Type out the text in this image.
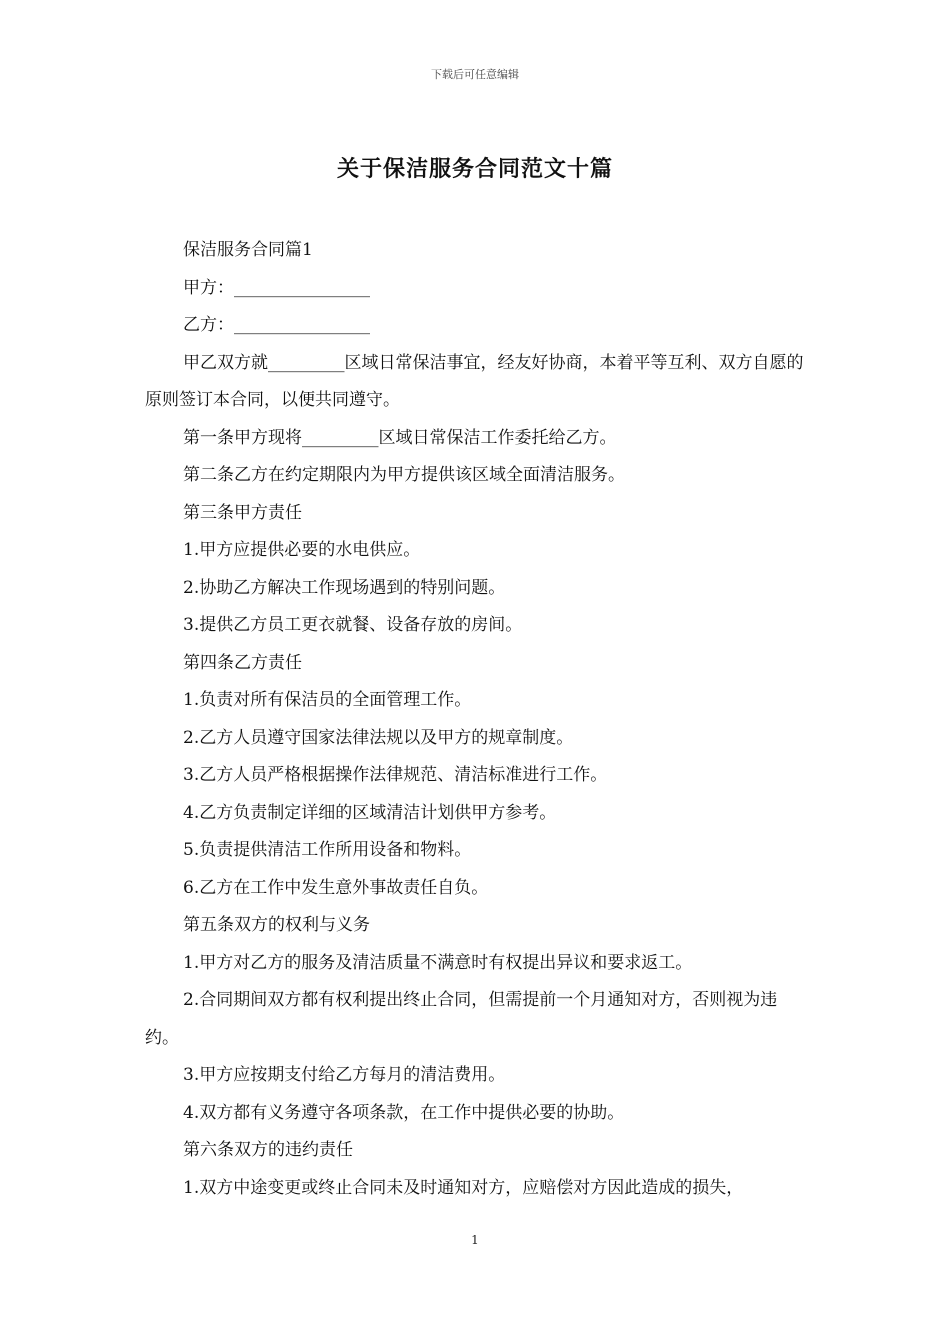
下载后可任意编辑
关于保洁服务合同范文十篇

保洁服务合同篇1

甲方：________________

乙方：________________

甲乙双方就_________区域日常保洁事宜，经友好协商，本着平等互利、双方自愿的原则签订本合同，以便共同遵守。

第一条甲方现将_________区域日常保洁工作委托给乙方。

第二条乙方在约定期限内为甲方提供该区域全面清洁服务。

第三条甲方责任

1.甲方应提供必要的水电供应。

2.协助乙方解决工作现场遇到的特别问题。

3.提供乙方员工更衣就餐、设备存放的房间。

第四条乙方责任

1.负责对所有保洁员的全面管理工作。

2.乙方人员遵守国家法律法规以及甲方的规章制度。

3.乙方人员严格根据操作法律规范、清洁标准进行工作。

4.乙方负责制定详细的区域清洁计划供甲方参考。

5.负责提供清洁工作所用设备和物料。

6.乙方在工作中发生意外事故责任自负。

第五条双方的权利与义务

1.甲方对乙方的服务及清洁质量不满意时有权提出异议和要求返工。

2.合同期间双方都有权利提出终止合同，但需提前一个月通知对方，否则视为违约。

3.甲方应按期支付给乙方每月的清洁费用。

4.双方都有义务遵守各项条款，在工作中提供必要的协助。

第六条双方的违约责任

1.双方中途变更或终止合同未及时通知对方，应赔偿对方因此造成的损失，

1
